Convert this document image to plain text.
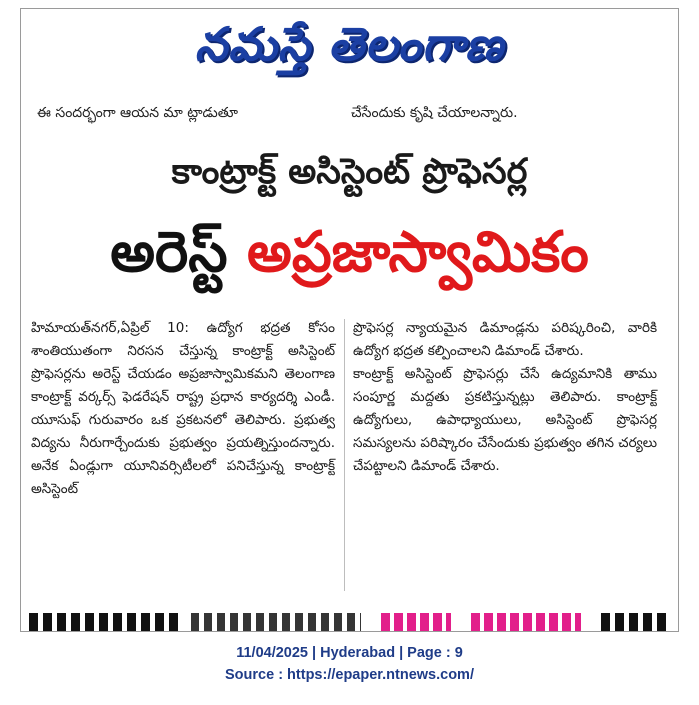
నమస్తే తెలంగాణ
ఈ సందర్భంగా ఆయన మా ట్లాడుతూ	చేసేందుకు కృషి చేయాలన్నారు.
కాంట్రాక్ట్ అసిస్టెంట్ ప్రొఫెసర్ల
అరెస్ట్ అప్రజాస్వామికం

హిమాయత్‌నగర్,ఏప్రిల్ 10: ఉద్యోగ భద్రత కోసం శాంతియుతంగా నిరసన చేస్తున్న కాంట్రాక్ట్ అసిస్టెంట్ ప్రొఫెసర్లను అరెస్ట్ చేయడం అప్రజాస్వామికమని తెలంగాణ కాంట్రాక్ట్ వర్కర్స్ ఫెడరేషన్ రాష్ట్ర ప్రధాన కార్యదర్శి ఎండీ. యూసుఫ్ గురువారం ఒక ప్రకటనలో తెలిపారు. ప్రభుత్వ విద్యను నీరుగార్చేందుకు ప్రభుత్వం ప్రయత్నిస్తుందన్నారు. అనేక ఏండ్లుగా యూనివర్సిటీలలో పనిచేస్తున్న కాంట్రాక్ట్ అసిస్టెంట్

ప్రొఫెసర్ల న్యాయమైన డిమాండ్లను పరిష్కరించి, వారికి ఉద్యోగ భద్రత కల్పించాలని డిమాండ్ చేశారు.

కాంట్రాక్ట్ అసిస్టెంట్ ప్రొఫెసర్లు చేసే ఉద్యమానికి తాము సంపూర్ణ మద్దతు ప్రకటిస్తున్నట్లు తెలిపారు. కాంట్రాక్ట్ ఉద్యోగులు, ఉపాధ్యాయులు, అసిస్టెంట్ ప్రొఫెసర్ల సమస్యలను పరిష్కారం చేసేందుకు ప్రభుత్వం తగిన చర్యలు చేపట్టాలని డిమాండ్ చేశారు.

11/04/2025 | Hyderabad | Page : 9
Source : https://epaper.ntnews.com/
